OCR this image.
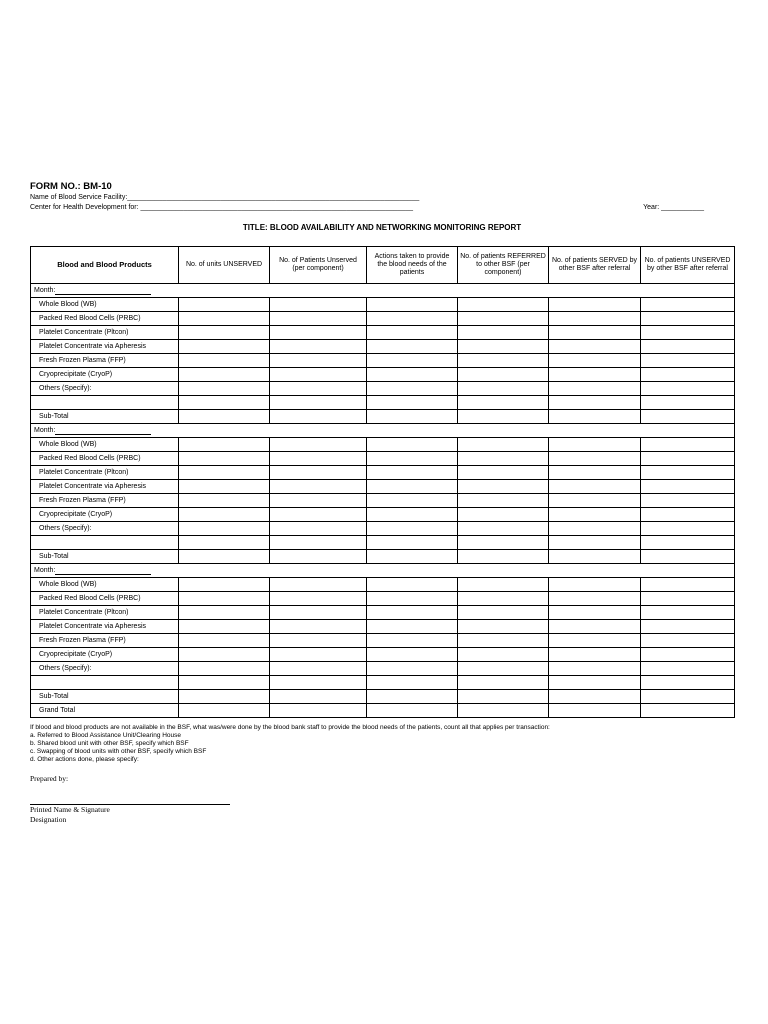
FORM NO.: BM-10
Name of Blood Service Facility:___________________________________________________________________________
Center for Health Development for: ______________________________________________________________________	Year: ___________
TITLE: BLOOD AVAILABILITY AND NETWORKING MONITORING REPORT
Blood and Blood Products	No. of units UNSERVED	No. of Patients Unserved (per component)	Actions taken to provide the blood needs of the patients	No. of patients REFERRED to other BSF (per component)	No. of patients SERVED by other BSF after referral	No. of patients UNSERVED by other BSF after referral
Month:						
Whole Blood (WB)						
Packed Red Blood Cells (PRBC)						
Platelet Concentrate (Pltcon)						
Platelet Concentrate via Apheresis						
Fresh Frozen Plasma (FFP)						
Cryoprecipitate (CryoP)						
Others (Specify):						

Sub-Total						
Month:						
Whole Blood (WB)						
Packed Red Blood Cells (PRBC)						
Platelet Concentrate (Pltcon)						
Platelet Concentrate via Apheresis						
Fresh Frozen Plasma (FFP)						
Cryoprecipitate (CryoP)						
Others (Specify):						

Sub-Total						
Month:						
Whole Blood (WB)						
Packed Red Blood Cells (PRBC)						
Platelet Concentrate (Pltcon)						
Platelet Concentrate via Apheresis						
Fresh Frozen Plasma (FFP)						
Cryoprecipitate (CryoP)						
Others (Specify):						

Sub-Total						
Grand Total						
If blood and blood products are not available in the BSF, what was/were done by the blood bank staff to provide the blood needs of the patients, count all that applies per transaction:
a. Referred to Blood Assistance Unit/Clearing House
b. Shared blood unit with other BSF, specify which BSF
c. Swapping of blood units with other BSF, specify which BSF
d. Other actions done, please specify:
Prepared by:
Printed Name & Signature
Designation
